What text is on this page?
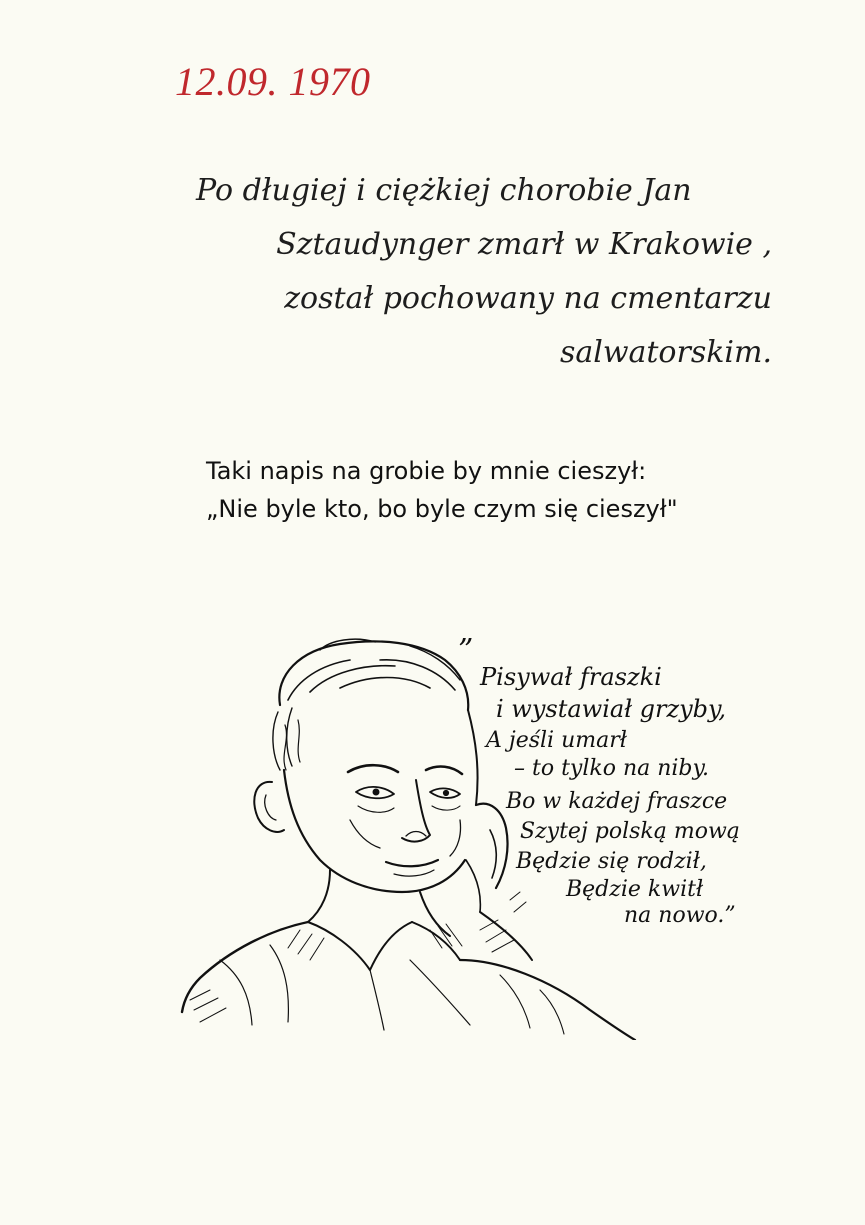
12.09. 1970
Po długiej i ciężkiej chorobie Jan
Sztaudynger zmarł w Krakowie ,
został pochowany na cmentarzu
salwatorskim.
Taki napis na grobie by mnie cieszył:
„Nie byle kto, bo byle czym się cieszył"
”
Pisywał fraszki
i wystawiał grzyby,
A jeśli umarł
– to tylko na niby.
Bo w każdej fraszce
Szytej polską mową
Będzie się rodził,
Będzie kwitł
na nowo.”
